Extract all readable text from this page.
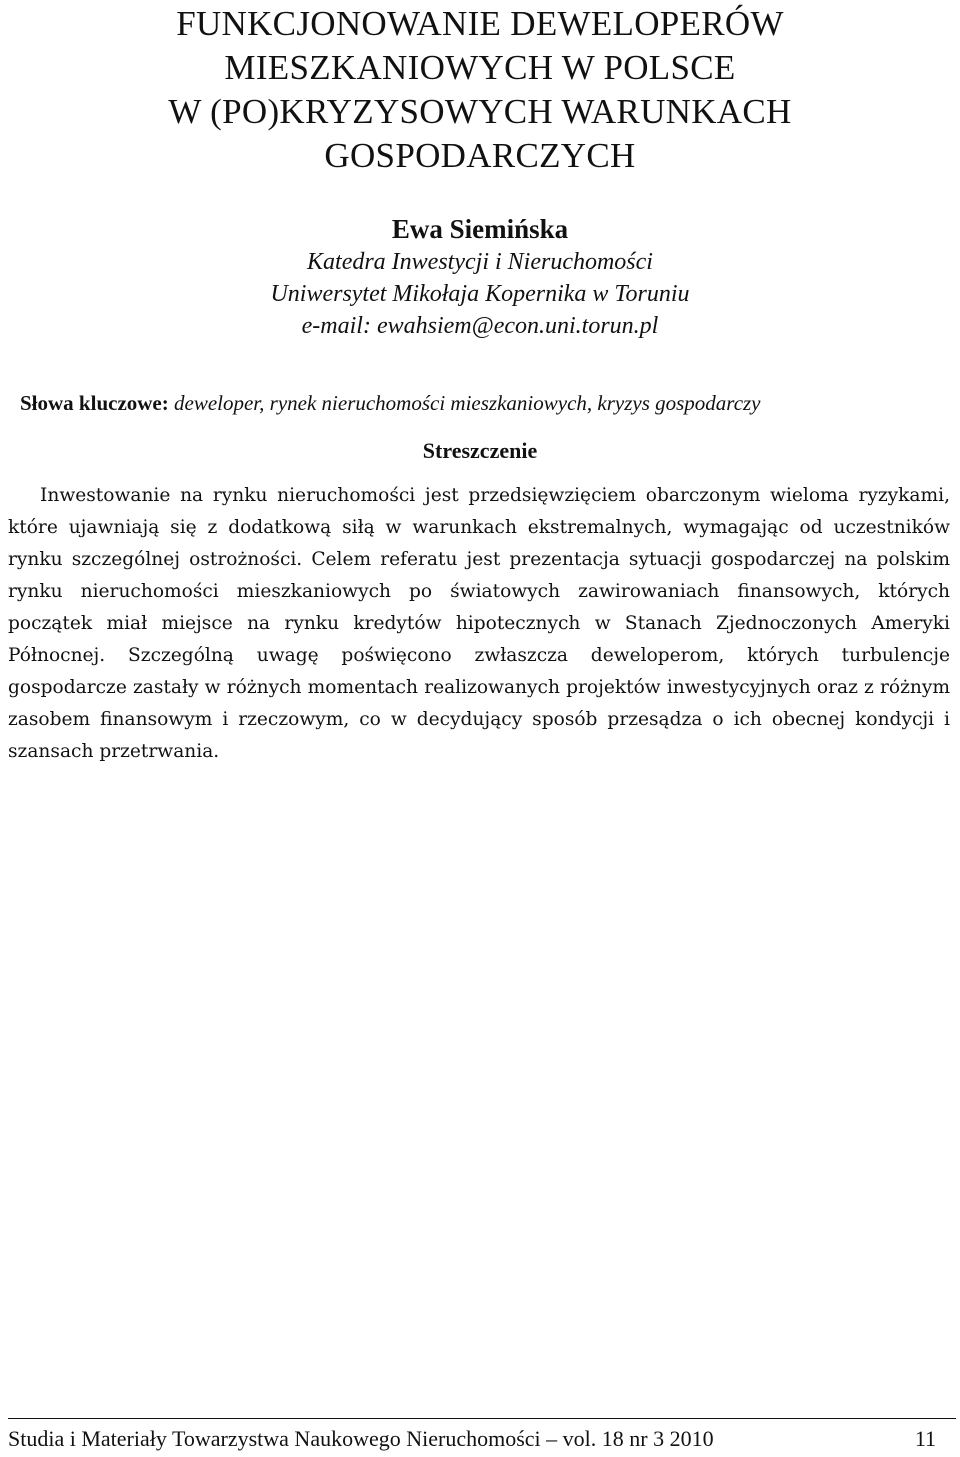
FUNKCJONOWANIE DEWELOPERÓW
MIESZKANIOWYCH W POLSCE
W (PO)KRYZYSOWYCH WARUNKACH
GOSPODARCZYCH
Ewa Siemińska
Katedra Inwestycji i Nieruchomości
Uniwersytet Mikołaja Kopernika w Toruniu
e-mail: ewahsiem@econ.uni.torun.pl
Słowa kluczowe: deweloper, rynek nieruchomości mieszkaniowych, kryzys gospodarczy
Streszczenie
Inwestowanie na rynku nieruchomości jest przedsięwzięciem obarczonym wieloma ryzykami, które ujawniają się z dodatkową siłą w warunkach ekstremalnych, wymagając od uczestników rynku szczególnej ostrożności. Celem referatu jest prezentacja sytuacji gospodarczej na polskim rynku nieruchomości mieszkaniowych po światowych zawirowaniach finansowych, których początek miał miejsce na rynku kredytów hipotecznych w Stanach Zjednoczonych Ameryki Północnej. Szczególną uwagę poświęcono zwłaszcza deweloperom, których turbulencje gospodarcze zastały w różnych momentach realizowanych projektów inwestycyjnych oraz z różnym zasobem finansowym i rzeczowym, co w decydujący sposób przesądza o ich obecnej kondycji i szansach przetrwania.
Studia i Materiały Towarzystwa Naukowego Nieruchomości – vol. 18 nr 3 2010	11
